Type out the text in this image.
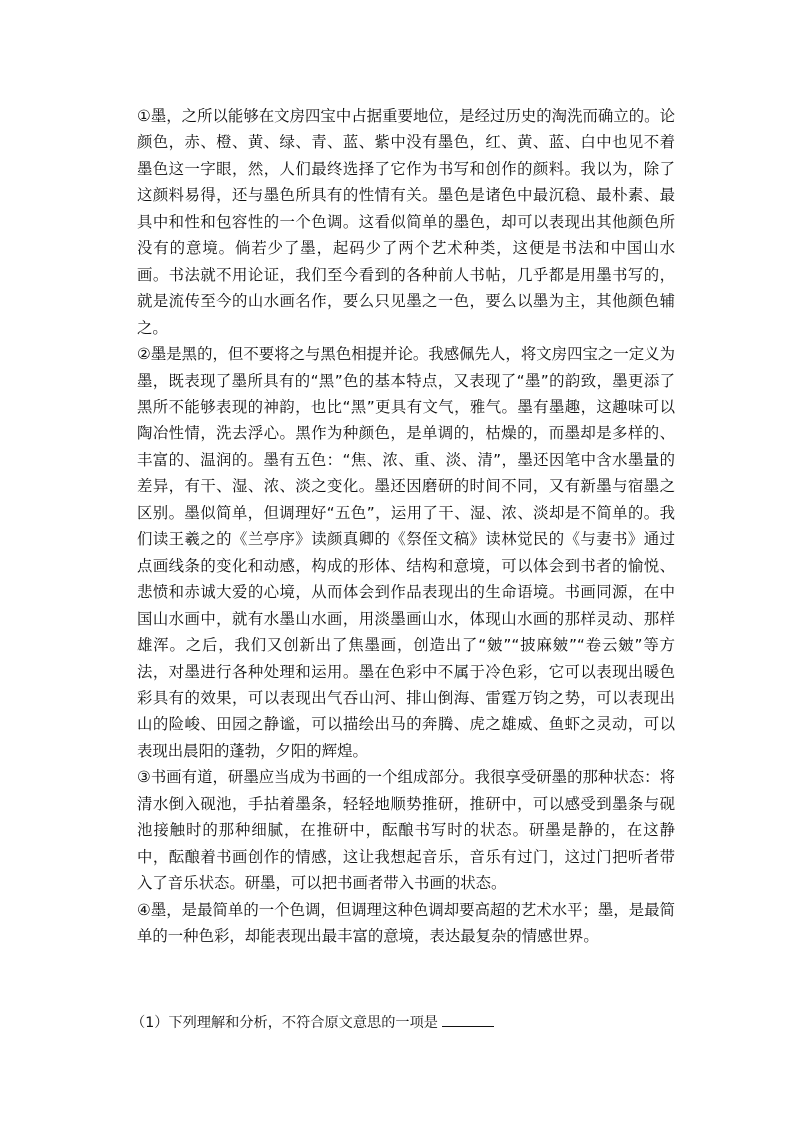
①墨，之所以能够在文房四宝中占据重要地位，是经过历史的淘洗而确立的。论颜色，赤、橙、黄、绿、青、蓝、紫中没有墨色，红、黄、蓝、白中也见不着墨色这一字眼，然，人们最终选择了它作为书写和创作的颜料。我以为，除了这颜料易得，还与墨色所具有的性情有关。墨色是诸色中最沉稳、最朴素、最具中和性和包容性的一个色调。这看似简单的墨色，却可以表现出其他颜色所没有的意境。倘若少了墨，起码少了两个艺术种类，这便是书法和中国山水画。书法就不用论证，我们至今看到的各种前人书帖，几乎都是用墨书写的，就是流传至今的山水画名作，要么只见墨之一色，要么以墨为主，其他颜色辅之。

②墨是黑的，但不要将之与黑色相提并论。我感佩先人，将文房四宝之一定义为墨，既表现了墨所具有的“黑”色的基本特点，又表现了“墨”的韵致，墨更添了黑所不能够表现的神韵，也比“黑”更具有文气，雅气。墨有墨趣，这趣味可以陶冶性情，洗去浮心。黑作为种颜色，是单调的，枯燥的，而墨却是多样的、丰富的、温润的。墨有五色：“焦、浓、重、淡、清”，墨还因笔中含水墨量的差异，有干、湿、浓、淡之变化。墨还因磨研的时间不同，又有新墨与宿墨之区别。墨似简单，但调理好“五色”，运用了干、湿、浓、淡却是不简单的。我们读王羲之的《兰亭序》读颜真卿的《祭侄文稿》读林觉民的《与妻书》通过点画线条的变化和动感，构成的形体、结构和意境，可以体会到书者的愉悦、悲愤和赤诚大爱的心境，从而体会到作品表现出的生命语境。书画同源，在中国山水画中，就有水墨山水画，用淡墨画山水，体现山水画的那样灵动、那样雄浑。之后，我们又创新出了焦墨画，创造出了“皴”“披麻皴”“卷云皴”等方法，对墨进行各种处理和运用。墨在色彩中不属于冷色彩，它可以表现出暖色彩具有的效果，可以表现出气吞山河、排山倒海、雷霆万钧之势，可以表现出山的险峻、田园之静谧，可以描绘出马的奔腾、虎之雄威、鱼虾之灵动，可以表现出晨阳的蓬勃，夕阳的辉煌。

③书画有道，研墨应当成为书画的一个组成部分。我很享受研墨的那种状态：将清水倒入砚池，手拈着墨条，轻轻地顺势推研，推研中，可以感受到墨条与砚池接触时的那种细腻，在推研中，酝酿书写时的状态。研墨是静的，在这静中，酝酿着书画创作的情感，这让我想起音乐，音乐有过门，这过门把听者带入了音乐状态。研墨，可以把书画者带入书画的状态。

④墨，是最简单的一个色调，但调理这种色调却要高超的艺术水平；墨，是最简单的一种色彩，却能表现出最丰富的意境，表达最复杂的情感世界。

（1）下列理解和分析，不符合原文意思的一项是
